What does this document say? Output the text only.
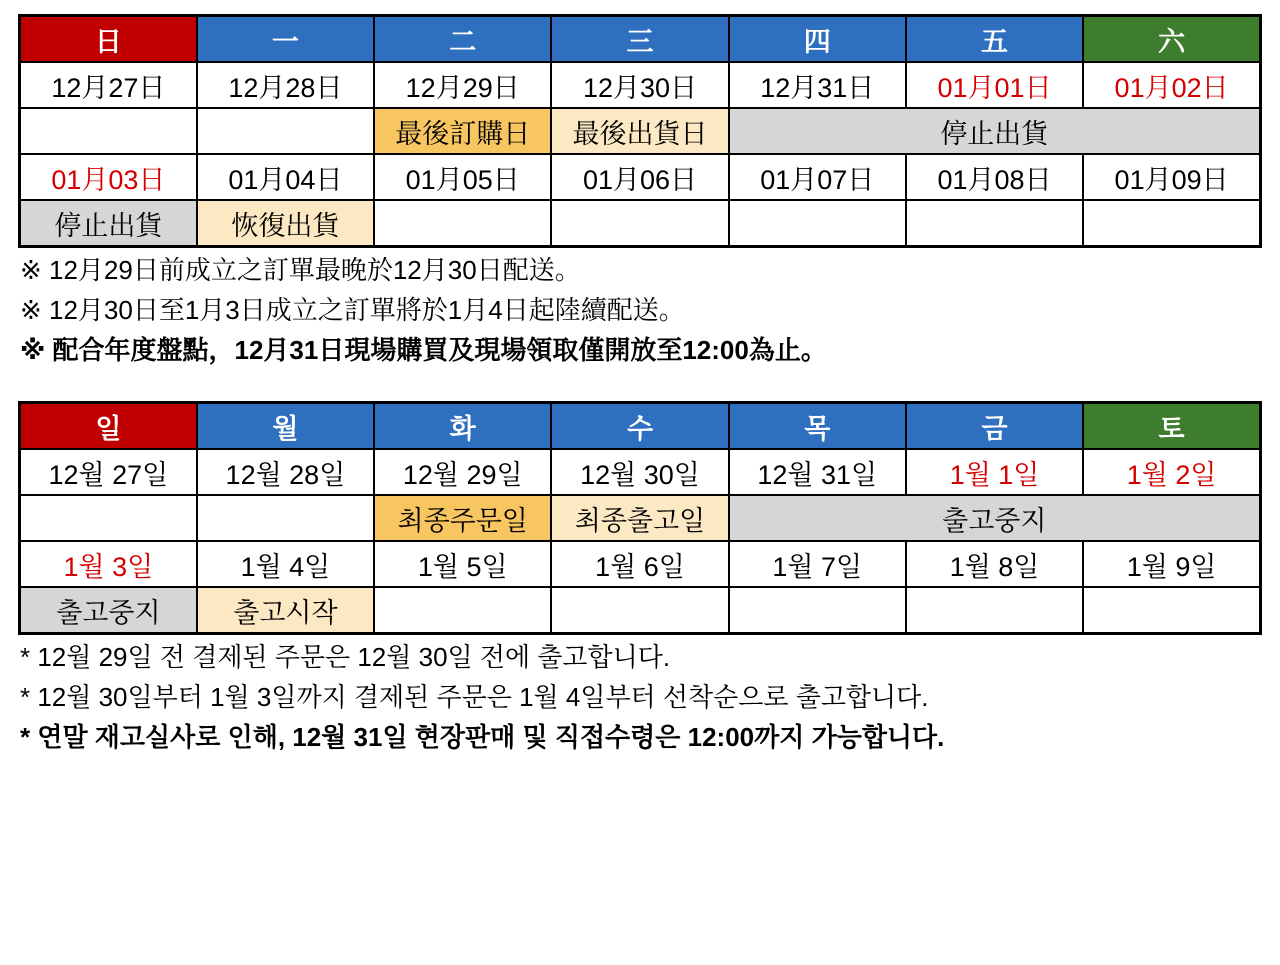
日	一	二	三	四	五	六
12月27日	12月28日	12月29日	12月30日	12月31日	01月01日	01月02日
		最後訂購日	最後出貨日	停止出貨		
01月03日	01月04日	01月05日	01月06日	01月07日	01月08日	01月09日
停止出貨	恢復出貨					

※ 12月29日前成立之訂單最晚於12月30日配送。

※ 12月30日至1月3日成立之訂單將於1月4日起陸續配送。

※ 配合年度盤點，12月31日現場購買及現場領取僅開放至12:00為止。

일	월	화	수	목	금	토
12월 27일	12월 28일	12월 29일	12월 30일	12월 31일	1월 1일	1월 2일
		최종주문일	최종출고일	출고중지		
1월 3일	1월 4일	1월 5일	1월 6일	1월 7일	1월 8일	1월 9일
출고중지	출고시작					

* 12월 29일 전 결제된 주문은 12월 30일 전에 출고합니다.

* 12월 30일부터 1월 3일까지 결제된 주문은 1월 4일부터 선착순으로 출고합니다.

* 연말 재고실사로 인해, 12월 31일 현장판매 및 직접수령은 12:00까지 가능합니다.
